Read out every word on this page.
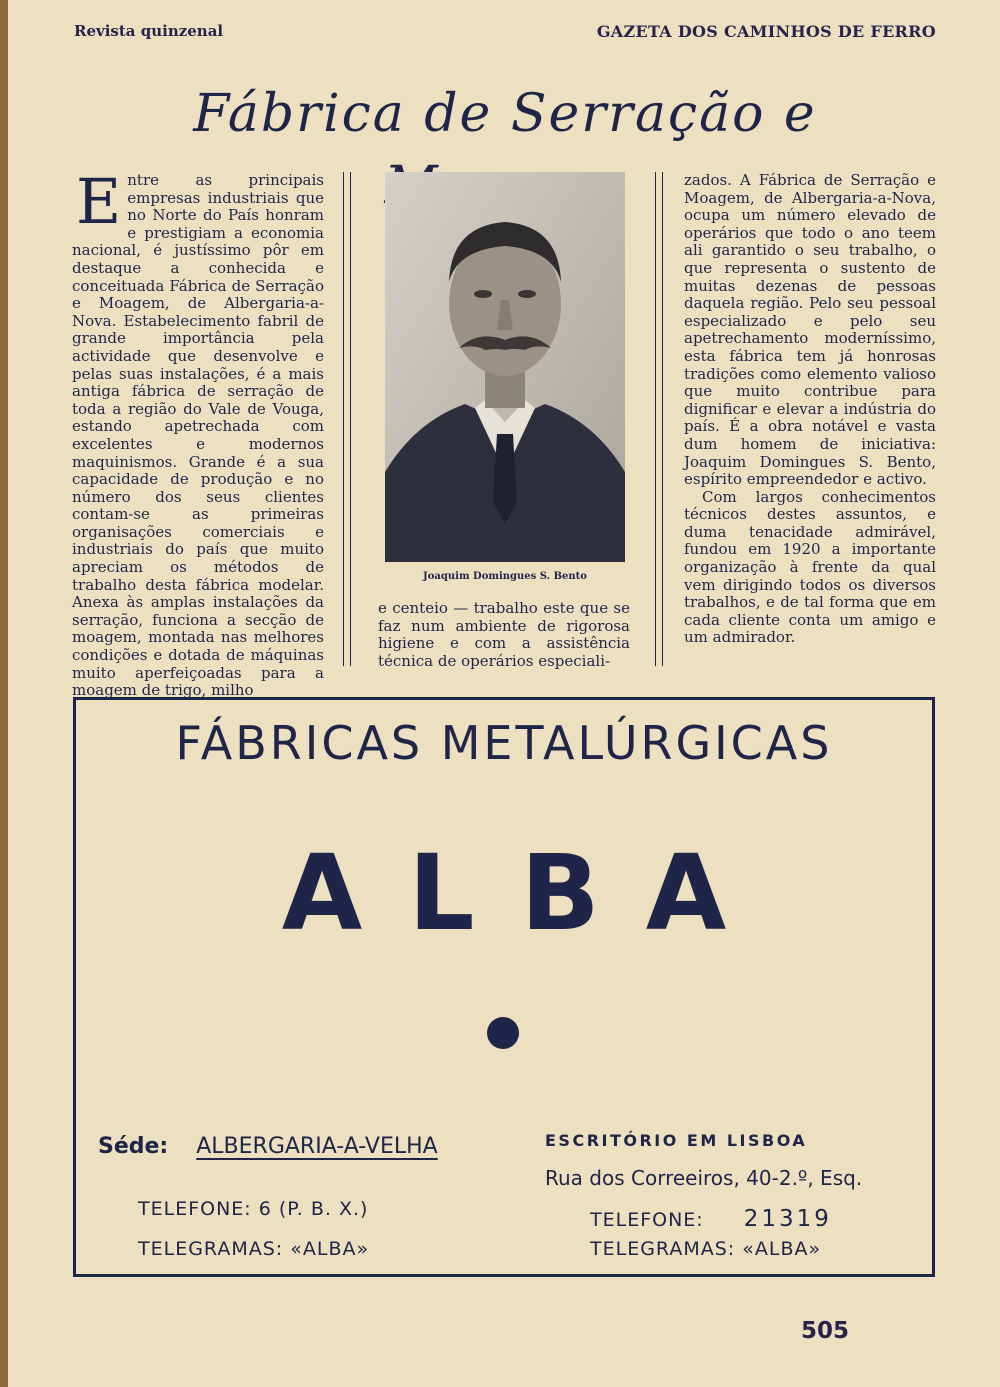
Revista quinzenal	GAZETA DOS CAMINHOS DE FERRO
Fábrica de Serração e

Entre as principais empresas industriais que no Norte do País honram e prestigiam a economia nacional, é justíssimo pôr em destaque a conhecida e conceituada Fábrica de Serração e Moagem, de Albergaria-a-Nova. Estabelecimento fabril de grande importância pela actividade que desenvolve e pelas suas instalações, é a mais antiga fábrica de serração de toda a região do Vale de Vouga, estando apetrechada com excelentes e modernos maquinismos. Grande é a sua capacidade de produção e no número dos seus clientes contam-se as primeiras organisações comerciais e industriais do país que muito apreciam os métodos de trabalho desta fábrica modelar. Anexa às amplas instalações da serração, funciona a secção de moagem, montada nas melhores condições e dotada de máquinas muito aperfeiçoadas para a moagem de trigo, milho

Joaquim Domingues S. Bento

e centeio — trabalho este que se faz num ambiente de rigorosa higiene e com a assistência técnica de operários especiali-

zados. A Fábrica de Serração e Moagem, de Albergaria-a-Nova, ocupa um número elevado de operários que todo o ano teem ali garantido o seu trabalho, o que representa o sustento de muitas dezenas de pessoas daquela região. Pelo seu pessoal especializado e pelo seu apetrechamento moderníssimo, esta fábrica tem já honrosas tradições como elemento valioso que muito contribue para dignificar e elevar a indústria do país. É a obra notável e vasta dum homem de iniciativa: Joaquim Domingues S. Bento, espírito empreendedor e activo.

Com largos conhecimentos técnicos destes assuntos, e duma tenacidade admirável, fundou em 1920 a importante organização à frente da qual vem dirigindo todos os diversos trabalhos, e de tal forma que em cada cliente conta um amigo e um admirador.

FÁBRICAS METALÚRGICAS
ALBA
Séde: ALBERGARIA-A-VELHA
TELEFONE: 6 (P. B. X.)
TELEGRAMAS: «ALBA»
ESCRITÓRIO EM LISBOA
Rua dos Correeiros, 40-2.º, Esq.
TELEFONE: 21319
TELEGRAMAS: «ALBA»
505
